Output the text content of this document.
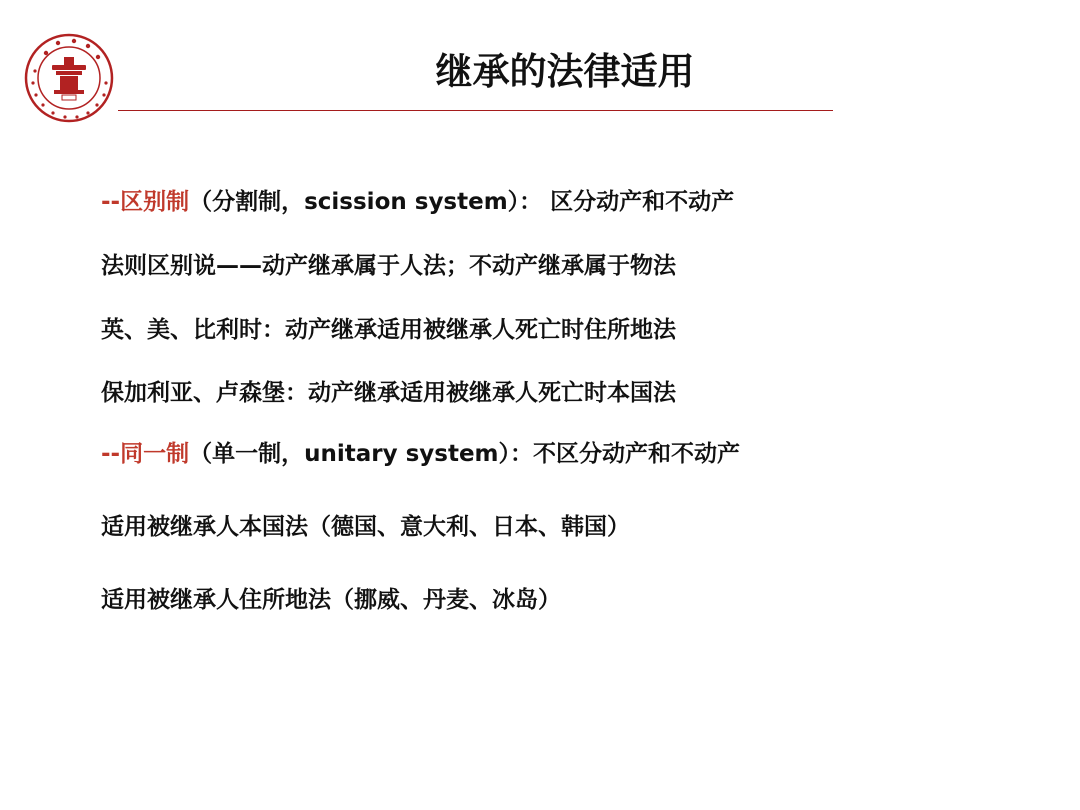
继承的法律适用
--区别制（分割制，scission system）： 区分动产和不动产
法则区别说——动产继承属于人法；不动产继承属于物法
英、美、比利时：动产继承适用被继承人死亡时住所地法
保加利亚、卢森堡：动产继承适用被继承人死亡时本国法
--同一制（单一制，unitary system）：不区分动产和不动产
适用被继承人本国法（德国、意大利、日本、韩国）
适用被继承人住所地法（挪威、丹麦、冰岛）
